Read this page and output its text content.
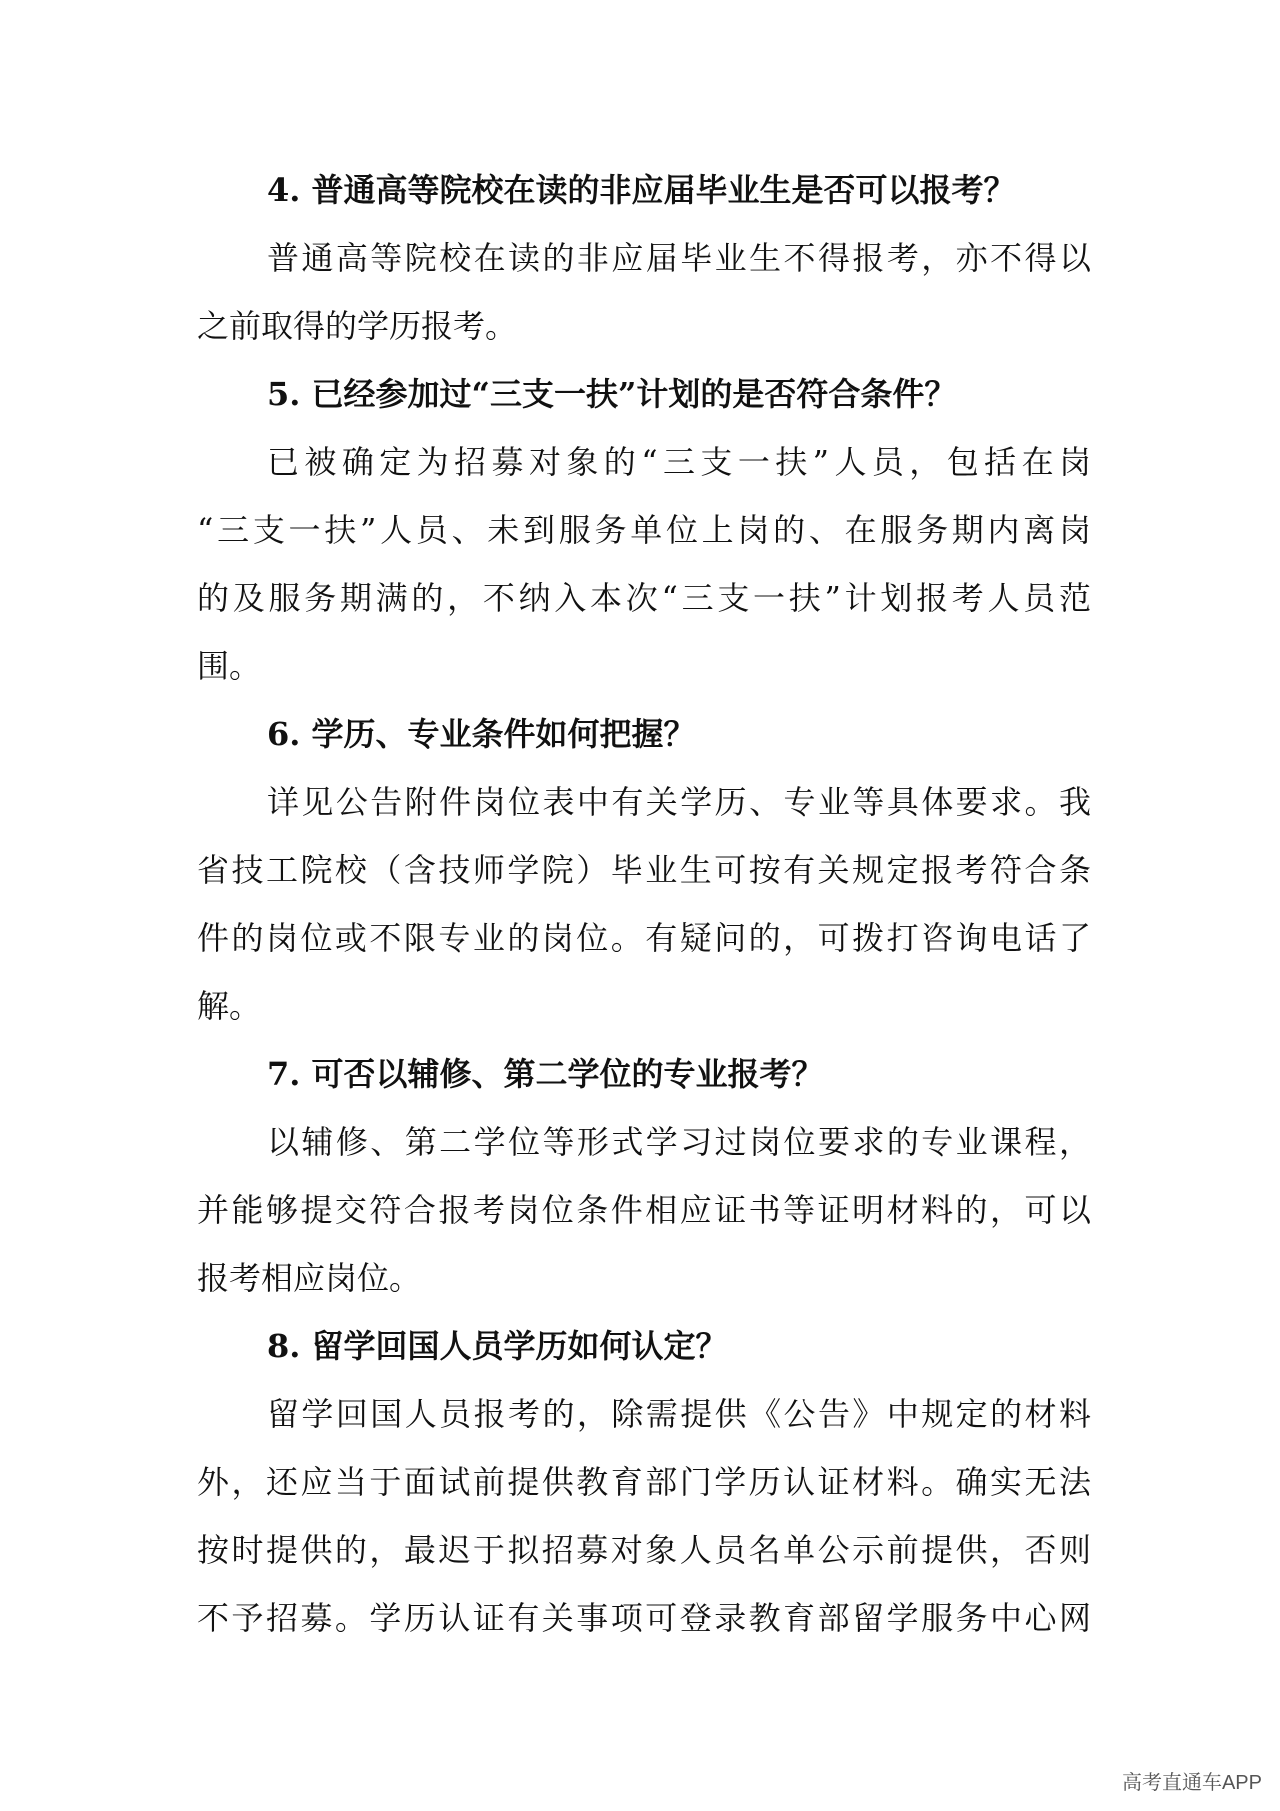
4. 普通高等院校在读的非应届毕业生是否可以报考？
普通高等院校在读的非应届毕业生不得报考，亦不得以
之前取得的学历报考。
5. 已经参加过“三支一扶”计划的是否符合条件？
已被确定为招募对象的“三支一扶”人员，包括在岗
“三支一扶”人员、未到服务单位上岗的、在服务期内离岗
的及服务期满的，不纳入本次“三支一扶”计划报考人员范
围。
6. 学历、专业条件如何把握？
详见公告附件岗位表中有关学历、专业等具体要求。我
省技工院校（含技师学院）毕业生可按有关规定报考符合条
件的岗位或不限专业的岗位。有疑问的，可拨打咨询电话了
解。
7. 可否以辅修、第二学位的专业报考？
以辅修、第二学位等形式学习过岗位要求的专业课程，
并能够提交符合报考岗位条件相应证书等证明材料的，可以
报考相应岗位。
8. 留学回国人员学历如何认定？
留学回国人员报考的，除需提供《公告》中规定的材料
外，还应当于面试前提供教育部门学历认证材料。确实无法
按时提供的，最迟于拟招募对象人员名单公示前提供，否则
不予招募。学历认证有关事项可登录教育部留学服务中心网
高考直通车APP
